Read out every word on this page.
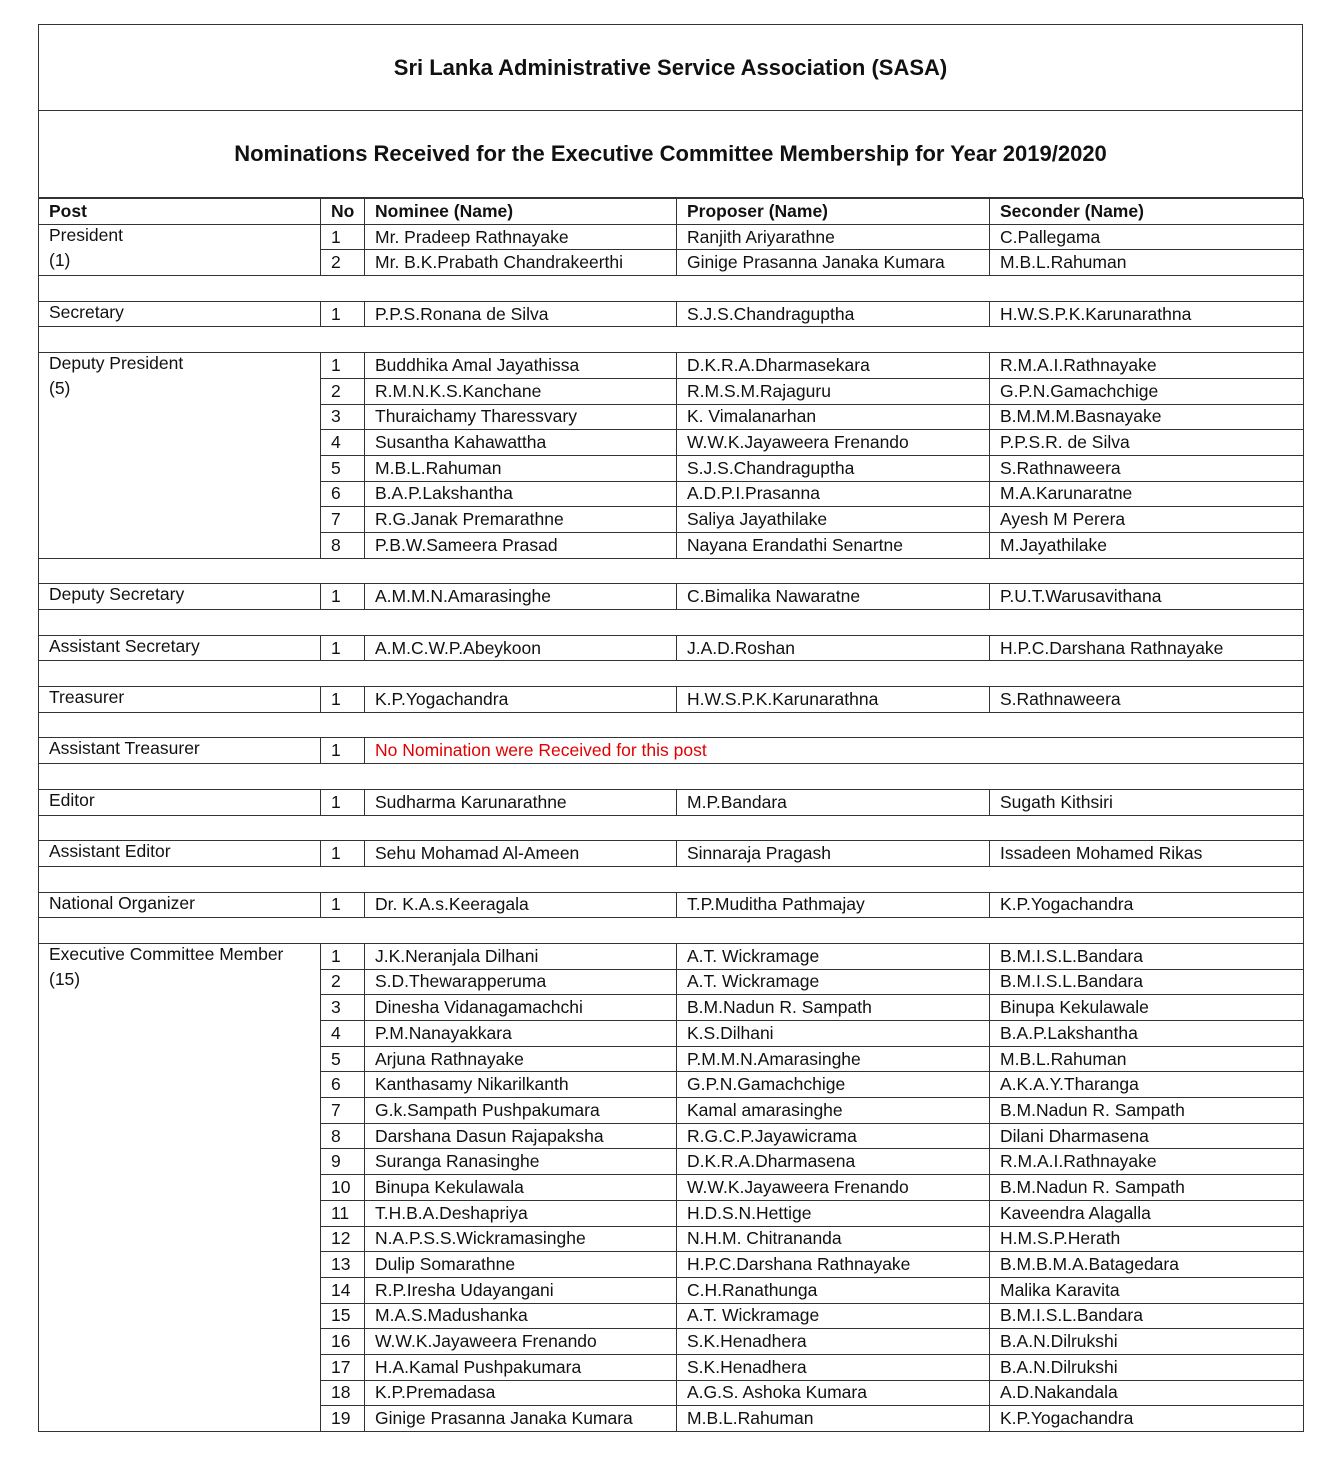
Sri Lanka Administrative Service Association (SASA)
Nominations Received for the Executive Committee Membership for Year 2019/2020
Post	No	Nominee (Name)	Proposer (Name)	Seconder (Name)
President	1	Mr. Pradeep Rathnayake	Ranjith Ariyarathne	C.Pallegama
(1)	2	Mr. B.K.Prabath Chandrakeerthi	Ginige Prasanna Janaka Kumara	M.B.L.Rahuman

Secretary	1	P.P.S.Ronana de Silva	S.J.S.Chandraguptha	H.W.S.P.K.Karunarathna

Deputy President	1	Buddhika Amal Jayathissa	D.K.R.A.Dharmasekara	R.M.A.I.Rathnayake
(5)	2	R.M.N.K.S.Kanchane	R.M.S.M.Rajaguru	G.P.N.Gamachchige
	3	Thuraichamy Tharessvary	K. Vimalanarhan	B.M.M.M.Basnayake
	4	Susantha Kahawattha	W.W.K.Jayaweera Frenando	P.P.S.R. de Silva
	5	M.B.L.Rahuman	S.J.S.Chandraguptha	S.Rathnaweera
	6	B.A.P.Lakshantha	A.D.P.I.Prasanna	M.A.Karunaratne
	7	R.G.Janak Premarathne	Saliya Jayathilake	Ayesh M Perera
	8	P.B.W.Sameera Prasad	Nayana Erandathi Senartne	M.Jayathilake

Deputy Secretary	1	A.M.M.N.Amarasinghe	C.Bimalika Nawaratne	P.U.T.Warusavithana

Assistant Secretary	1	A.M.C.W.P.Abeykoon	J.A.D.Roshan	H.P.C.Darshana Rathnayake

Treasurer	1	K.P.Yogachandra	H.W.S.P.K.Karunarathna	S.Rathnaweera

Assistant Treasurer	1	No Nomination were Received for this post		

Editor	1	Sudharma Karunarathne	M.P.Bandara	Sugath Kithsiri

Assistant Editor	1	Sehu Mohamad Al-Ameen	Sinnaraja Pragash	Issadeen Mohamed Rikas

National Organizer	1	Dr. K.A.s.Keeragala	T.P.Muditha Pathmajay	K.P.Yogachandra

Executive Committee Member	1	J.K.Neranjala Dilhani	A.T. Wickramage	B.M.I.S.L.Bandara
(15)	2	S.D.Thewarapperuma	A.T. Wickramage	B.M.I.S.L.Bandara
	3	Dinesha Vidanagamachchi	B.M.Nadun R. Sampath	Binupa Kekulawale
	4	P.M.Nanayakkara	K.S.Dilhani	B.A.P.Lakshantha
	5	Arjuna Rathnayake	P.M.M.N.Amarasinghe	M.B.L.Rahuman
	6	Kanthasamy Nikarilkanth	G.P.N.Gamachchige	A.K.A.Y.Tharanga
	7	G.k.Sampath Pushpakumara	Kamal amarasinghe	B.M.Nadun R. Sampath
	8	Darshana Dasun Rajapaksha	R.G.C.P.Jayawicrama	Dilani Dharmasena
	9	Suranga Ranasinghe	D.K.R.A.Dharmasena	R.M.A.I.Rathnayake
	10	Binupa Kekulawala	W.W.K.Jayaweera Frenando	B.M.Nadun R. Sampath
	11	T.H.B.A.Deshapriya	H.D.S.N.Hettige	Kaveendra Alagalla
	12	N.A.P.S.S.Wickramasinghe	N.H.M. Chitrananda	H.M.S.P.Herath
	13	Dulip Somarathne	H.P.C.Darshana Rathnayake	B.M.B.M.A.Batagedara
	14	R.P.Iresha Udayangani	C.H.Ranathunga	Malika Karavita
	15	M.A.S.Madushanka	A.T. Wickramage	B.M.I.S.L.Bandara
	16	W.W.K.Jayaweera Frenando	S.K.Henadhera	B.A.N.Dilrukshi
	17	H.A.Kamal Pushpakumara	S.K.Henadhera	B.A.N.Dilrukshi
	18	K.P.Premadasa	A.G.S. Ashoka Kumara	A.D.Nakandala
	19	Ginige Prasanna Janaka Kumara	M.B.L.Rahuman	K.P.Yogachandra
